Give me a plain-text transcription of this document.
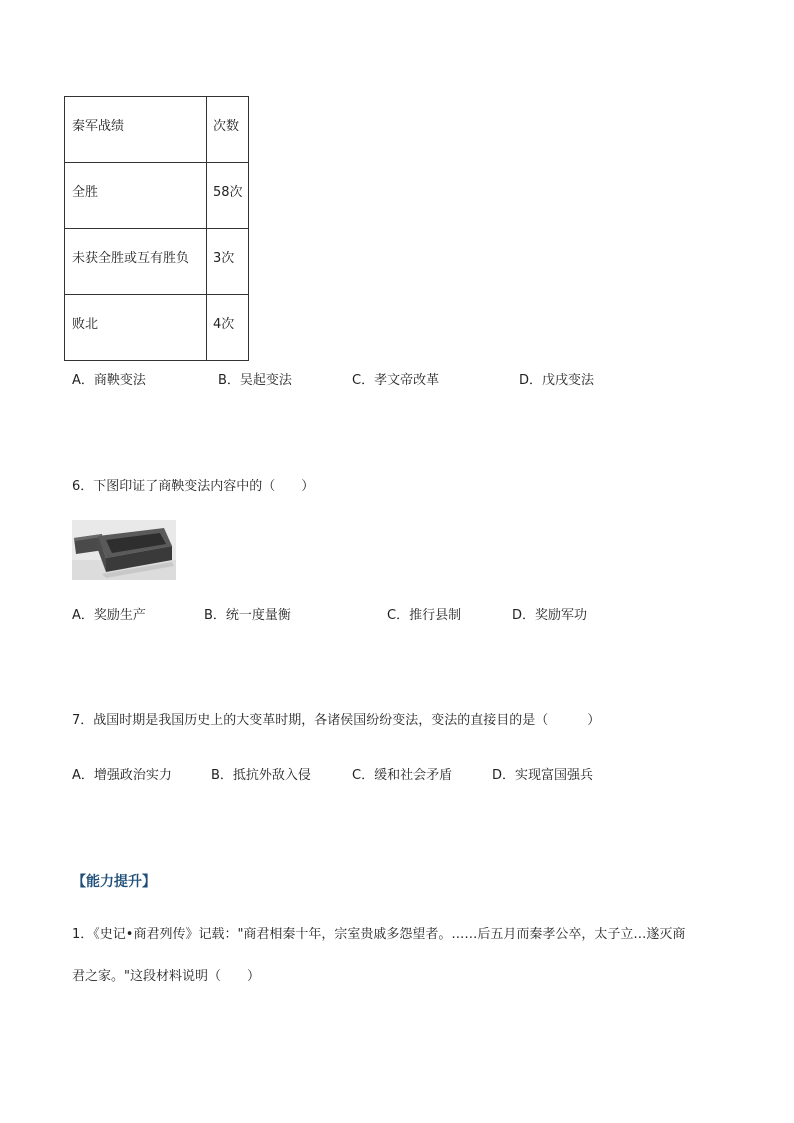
秦军战绩	次数
全胜	58次
未获全胜或互有胜负	3次
败北	4次
A．商鞅变法	B．吴起变法	C．孝文帝改革	D．戊戌变法
6．下图印证了商鞅变法内容中的（　　）
A．奖励生产	B．统一度量衡	C．推行县制	D．奖励军功
7．战国时期是我国历史上的大变革时期，各诸侯国纷纷变法，变法的直接目的是（　　　）
A．增强政治实力	B．抵抗外敌入侵	C．缓和社会矛盾	D．实现富国强兵
【能力提升】
1．《史记•商君列传》记载："商君相秦十年，宗室贵戚多怨望者。……后五月而秦孝公卒，太子立…遂灭商
君之家。"这段材料说明（　　）
